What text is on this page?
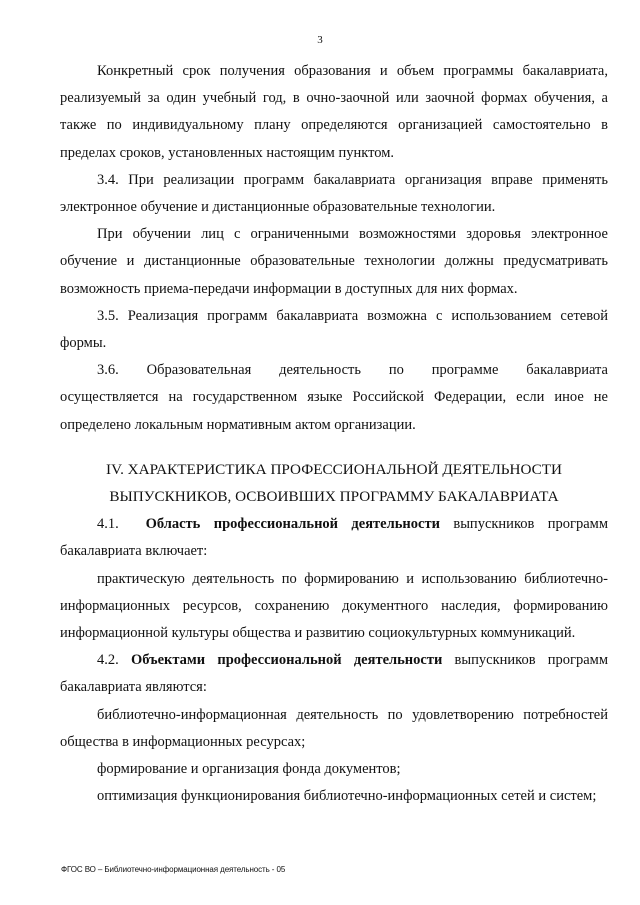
3

Конкретный срок получения образования и объем программы бакалавриата, реализуемый за один учебный год, в очно-заочной или заочной формах обучения, а также по индивидуальному плану определяются организацией самостоятельно в пределах сроков, установленных настоящим пунктом.

3.4. При реализации программ бакалавриата организация вправе применять электронное обучение и дистанционные образовательные технологии.

При обучении лиц с ограниченными возможностями здоровья электронное обучение и дистанционные образовательные технологии должны предусматривать возможность приема-передачи информации в доступных для них формах.

3.5. Реализация программ бакалавриата возможна с использованием сетевой формы.

3.6. Образовательная деятельность по программе бакалавриата

осуществляется на государственном языке Российской Федерации, если иное не определено локальным нормативным актом организации.

IV. ХАРАКТЕРИСТИКА ПРОФЕССИОНАЛЬНОЙ ДЕЯТЕЛЬНОСТИ
ВЫПУСКНИКОВ, ОСВОИВШИХ ПРОГРАММУ БАКАЛАВРИАТА

4.1. Область профессиональной деятельности выпускников программ бакалавриата включает:

практическую деятельность по формированию и использованию библиотечно-информационных ресурсов, сохранению документного наследия, формированию информационной культуры общества и развитию социокультурных коммуникаций.

4.2. Объектами профессиональной деятельности выпускников программ бакалавриата являются:

библиотечно-информационная деятельность по удовлетворению потребностей общества в информационных ресурсах;

формирование и организация фонда документов;

оптимизация функционирования библиотечно-информационных сетей и систем;

ФГОС ВО – Библиотечно-информационная деятельность - 05
